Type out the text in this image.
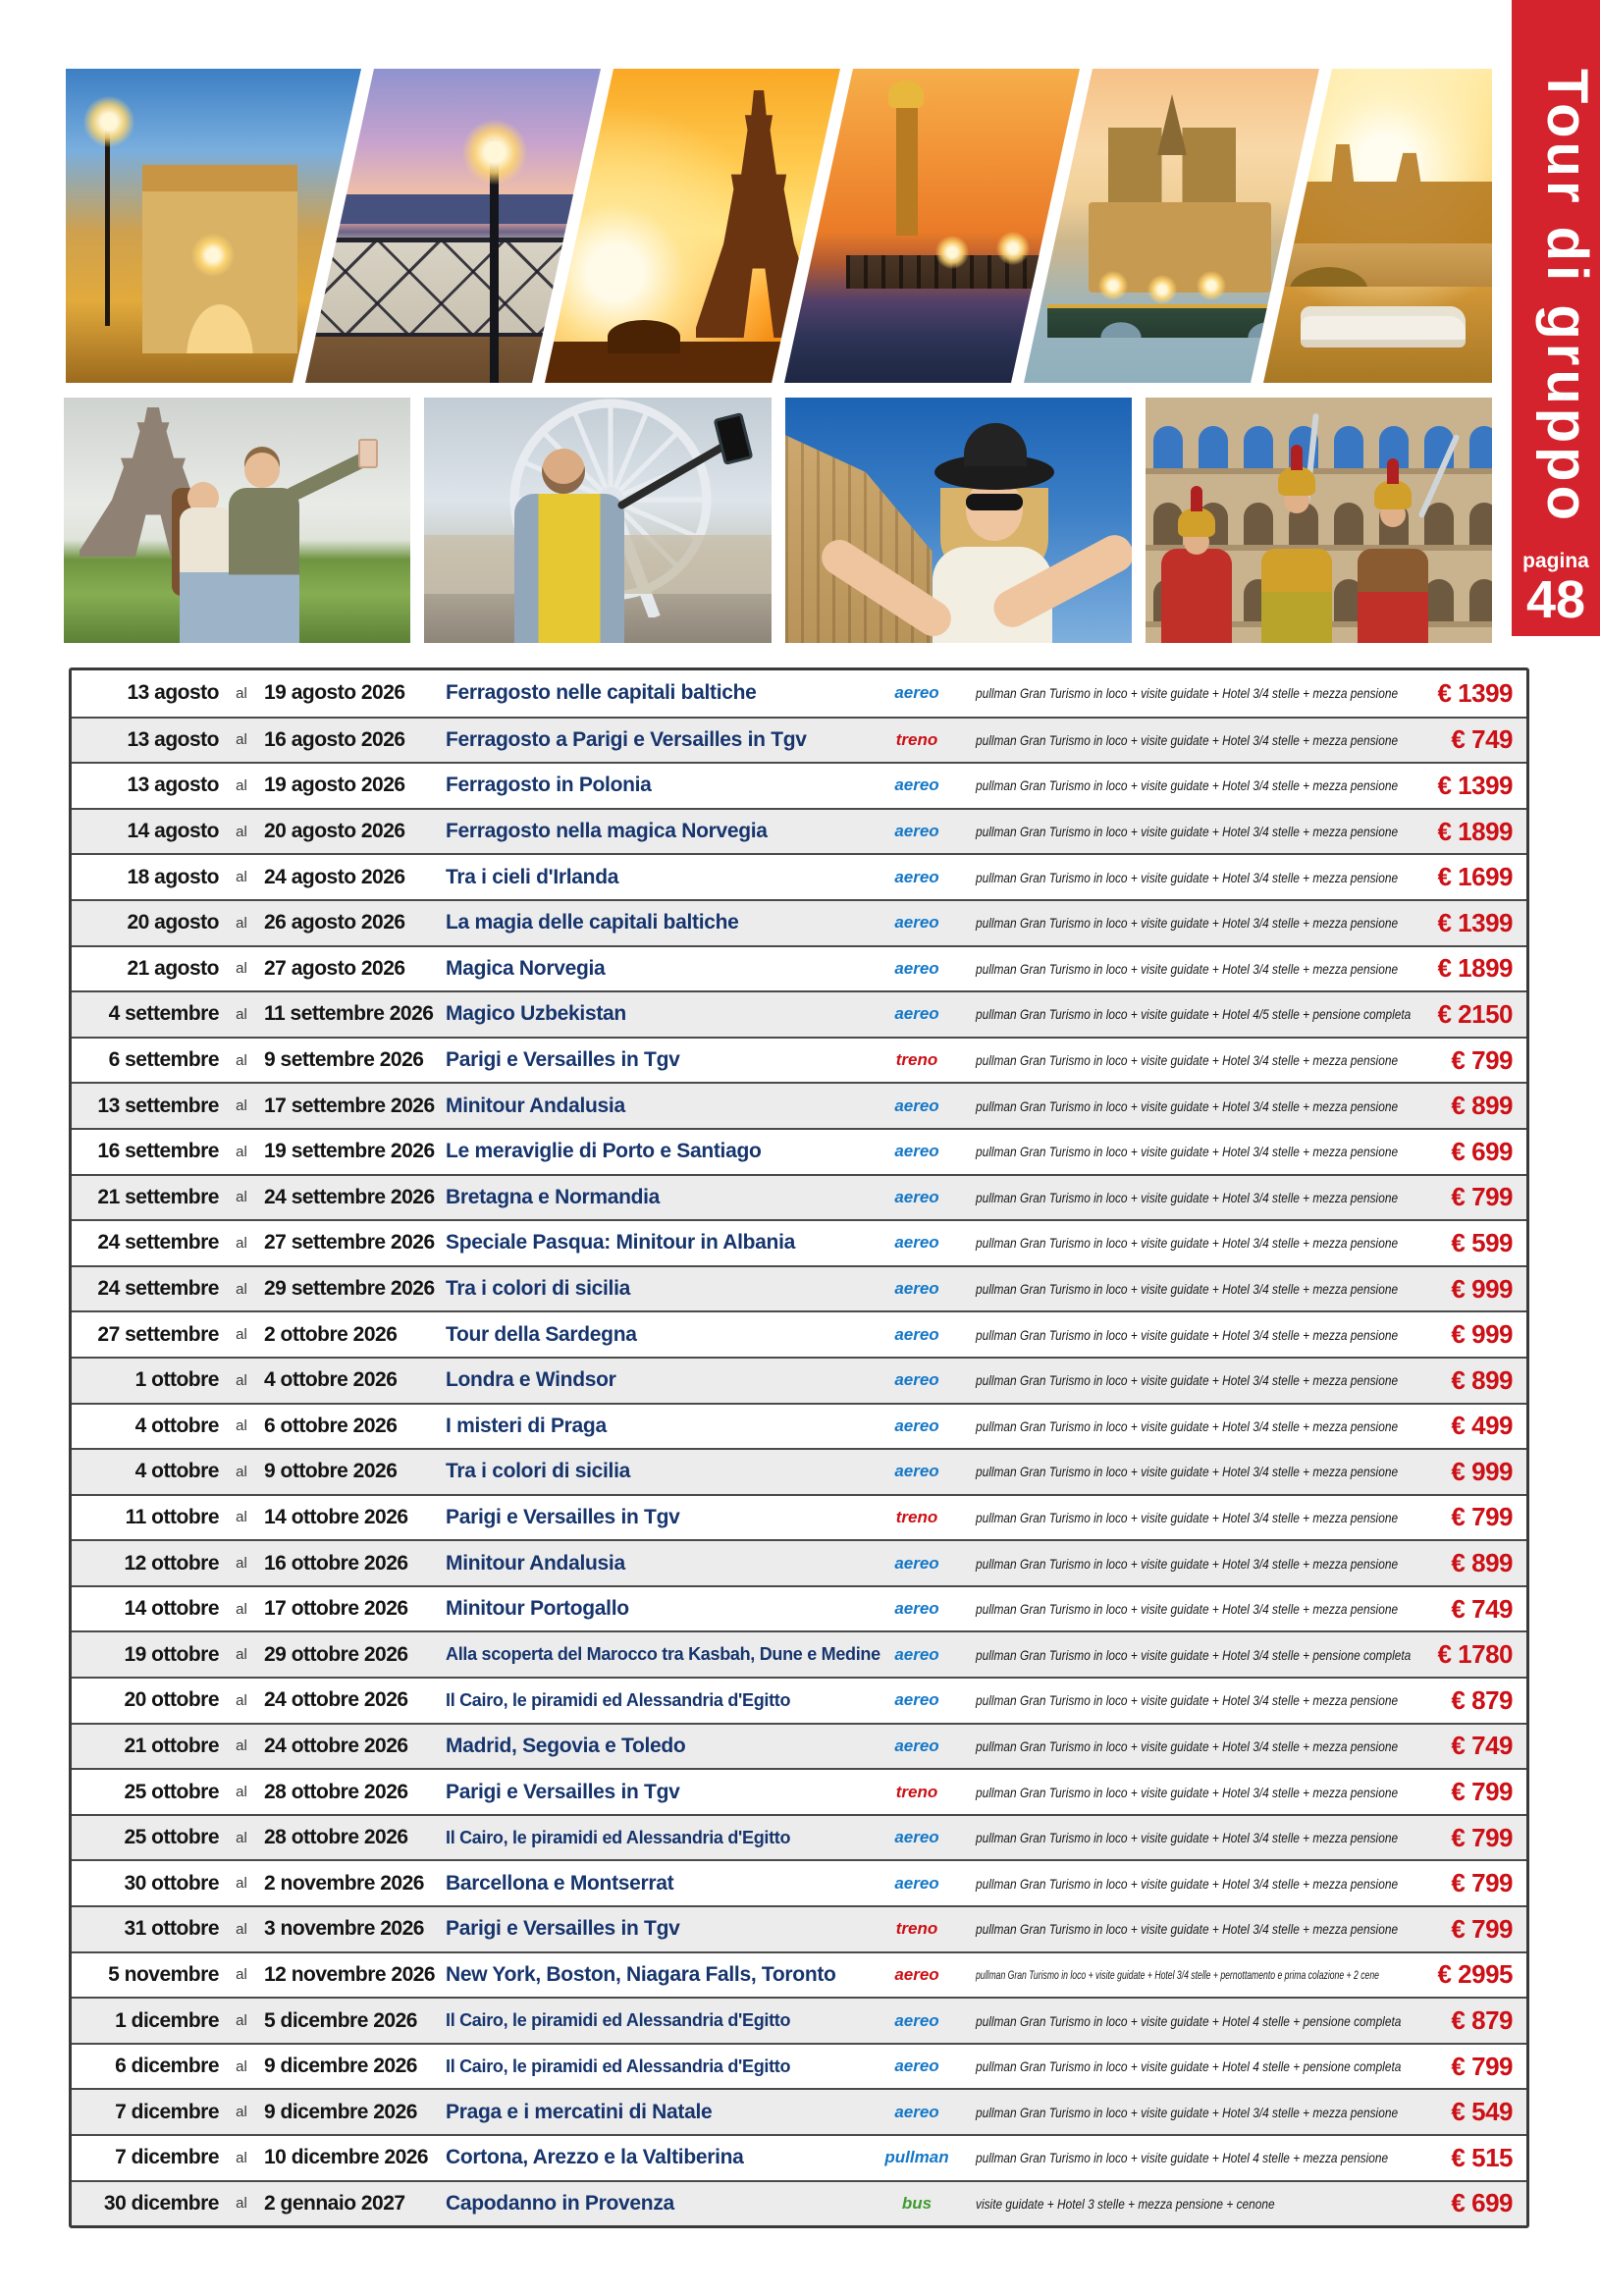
Tour di gruppo
pagina
48
13 agosto	al 19 agosto 2026	Ferragosto nelle capitali baltiche	aereo	pullman Gran Turismo in loco + visite guidate + Hotel 3/4 stelle + mezza pensione	€ 1399
13 agosto	al 16 agosto 2026	Ferragosto a Parigi e Versailles in Tgv	treno	pullman Gran Turismo in loco + visite guidate + Hotel 3/4 stelle + mezza pensione	€ 749
13 agosto	al 19 agosto 2026	Ferragosto in Polonia	aereo	pullman Gran Turismo in loco + visite guidate + Hotel 3/4 stelle + mezza pensione	€ 1399
14 agosto	al 20 agosto 2026	Ferragosto nella magica Norvegia	aereo	pullman Gran Turismo in loco + visite guidate + Hotel 3/4 stelle + mezza pensione	€ 1899
18 agosto	al 24 agosto 2026	Tra i cieli d'Irlanda	aereo	pullman Gran Turismo in loco + visite guidate + Hotel 3/4 stelle + mezza pensione	€ 1699
20 agosto	al 26 agosto 2026	La magia delle capitali baltiche	aereo	pullman Gran Turismo in loco + visite guidate + Hotel 3/4 stelle + mezza pensione	€ 1399
21 agosto	al 27 agosto 2026	Magica Norvegia	aereo	pullman Gran Turismo in loco + visite guidate + Hotel 3/4 stelle + mezza pensione	€ 1899
4 settembre	al 11 settembre 2026 Magico Uzbekistan	aereo	pullman Gran Turismo in loco + visite guidate + Hotel 4/5 stelle + pensione completa	€ 2150
6 settembre	al 9 settembre 2026	Parigi e Versailles in Tgv	treno	pullman Gran Turismo in loco + visite guidate + Hotel 3/4 stelle + mezza pensione	€ 799
13 settembre	al 17 settembre 2026 Minitour Andalusia	aereo	pullman Gran Turismo in loco + visite guidate + Hotel 3/4 stelle + mezza pensione	€ 899
16 settembre	al 19 settembre 2026 Le meraviglie di Porto e Santiago	aereo	pullman Gran Turismo in loco + visite guidate + Hotel 3/4 stelle + mezza pensione	€ 699
21 settembre	al 24 settembre 2026 Bretagna e Normandia	aereo	pullman Gran Turismo in loco + visite guidate + Hotel 3/4 stelle + mezza pensione	€ 799
24 settembre	al 27 settembre 2026 Speciale Pasqua: Minitour in Albania	aereo	pullman Gran Turismo in loco + visite guidate + Hotel 3/4 stelle + mezza pensione	€ 599
24 settembre	al 29 settembre 2026 Tra i colori di sicilia	aereo	pullman Gran Turismo in loco + visite guidate + Hotel 3/4 stelle + mezza pensione	€ 999
27 settembre	al 2 ottobre 2026	Tour della Sardegna	aereo	pullman Gran Turismo in loco + visite guidate + Hotel 3/4 stelle + mezza pensione	€ 999
1 ottobre	al 4 ottobre 2026	Londra e Windsor	aereo	pullman Gran Turismo in loco + visite guidate + Hotel 3/4 stelle + mezza pensione	€ 899
4 ottobre	al 6 ottobre 2026	I misteri di Praga	aereo	pullman Gran Turismo in loco + visite guidate + Hotel 3/4 stelle + mezza pensione	€ 499
4 ottobre	al 9 ottobre 2026	Tra i colori di sicilia	aereo	pullman Gran Turismo in loco + visite guidate + Hotel 3/4 stelle + mezza pensione	€ 999
11 ottobre	al 14 ottobre 2026	Parigi e Versailles in Tgv	treno	pullman Gran Turismo in loco + visite guidate + Hotel 3/4 stelle + mezza pensione	€ 799
12 ottobre	al 16 ottobre 2026	Minitour Andalusia	aereo	pullman Gran Turismo in loco + visite guidate + Hotel 3/4 stelle + mezza pensione	€ 899
14 ottobre	al 17 ottobre 2026	Minitour Portogallo	aereo	pullman Gran Turismo in loco + visite guidate + Hotel 3/4 stelle + mezza pensione	€ 749
19 ottobre	al 29 ottobre 2026	Alla scoperta del Marocco tra Kasbah, Dune e Medine aereo	pullman Gran Turismo in loco + visite guidate + Hotel 3/4 stelle + pensione completa	€ 1780
20 ottobre	al 24 ottobre 2026	Il Cairo, le piramidi ed Alessandria d'Egitto	aereo	pullman Gran Turismo in loco + visite guidate + Hotel 3/4 stelle + mezza pensione	€ 879
21 ottobre	al 24 ottobre 2026	Madrid, Segovia e Toledo	aereo	pullman Gran Turismo in loco + visite guidate + Hotel 3/4 stelle + mezza pensione	€ 749
25 ottobre	al 28 ottobre 2026	Parigi e Versailles in Tgv	treno	pullman Gran Turismo in loco + visite guidate + Hotel 3/4 stelle + mezza pensione	€ 799
25 ottobre	al 28 ottobre 2026	Il Cairo, le piramidi ed Alessandria d'Egitto	aereo	pullman Gran Turismo in loco + visite guidate + Hotel 3/4 stelle + mezza pensione	€ 799
30 ottobre	al 2 novembre 2026	Barcellona e Montserrat	aereo	pullman Gran Turismo in loco + visite guidate + Hotel 3/4 stelle + mezza pensione	€ 799
31 ottobre	al 3 novembre 2026	Parigi e Versailles in Tgv	treno	pullman Gran Turismo in loco + visite guidate + Hotel 3/4 stelle + mezza pensione	€ 799
5 novembre	al 12 novembre 2026 New York, Boston, Niagara Falls, Toronto	aereo	pullman Gran Turismo in loco + visite guidate + Hotel 3/4 stelle + pernottamento e prima colazione + 2 cene	€ 2995
1 dicembre	al 5 dicembre 2026	Il Cairo, le piramidi ed Alessandria d'Egitto	aereo	pullman Gran Turismo in loco + visite guidate + Hotel 4 stelle + pensione completa	€ 879
6 dicembre	al 9 dicembre 2026	Il Cairo, le piramidi ed Alessandria d'Egitto	aereo	pullman Gran Turismo in loco + visite guidate + Hotel 4 stelle + pensione completa	€ 799
7 dicembre	al 9 dicembre 2026	Praga e i mercatini di Natale	aereo	pullman Gran Turismo in loco + visite guidate + Hotel 3/4 stelle + mezza pensione	€ 549
7 dicembre	al 10 dicembre 2026 Cortona, Arezzo e la Valtiberina	pullman	pullman Gran Turismo in loco + visite guidate + Hotel 4 stelle + mezza pensione	€ 515
30 dicembre	al 2 gennaio 2027	Capodanno in Provenza	bus	visite guidate + Hotel 3 stelle + mezza pensione + cenone	€ 699
